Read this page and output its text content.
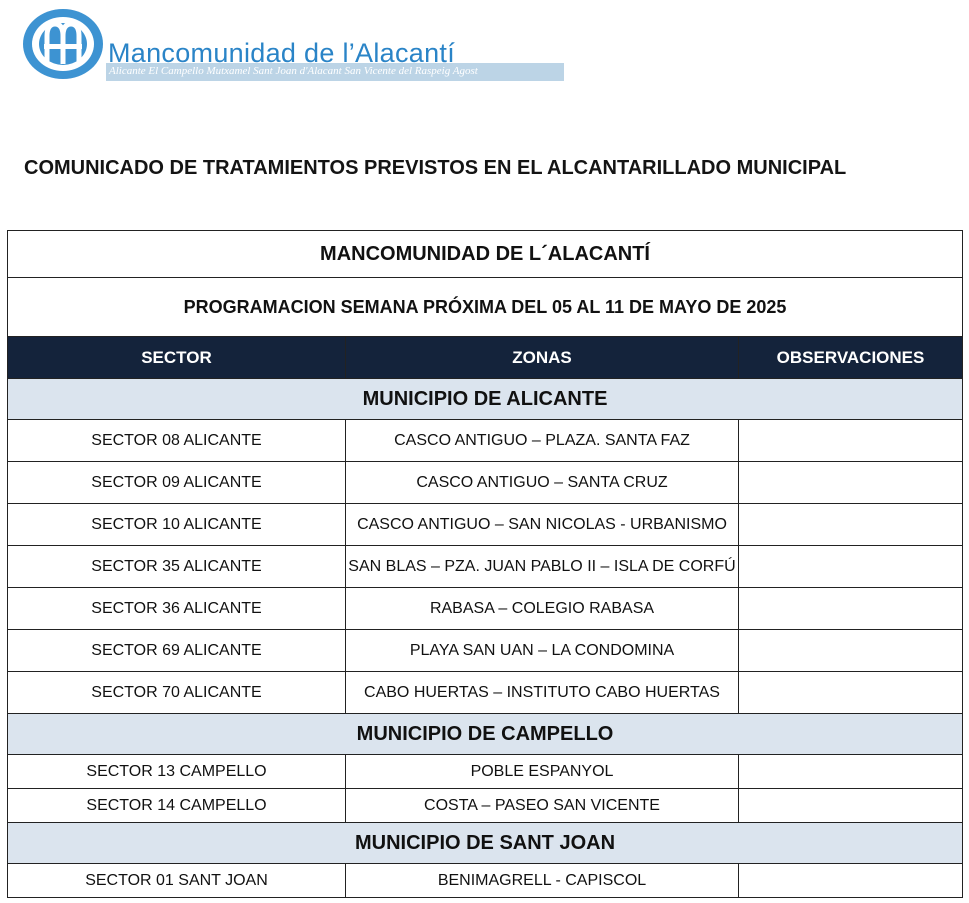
Mancomunidad de l’Alacantí
Alicante El Campello Mutxamel Sant Joan d'Alacant San Vicente del Raspeig Agost
COMUNICADO DE TRATAMIENTOS PREVISTOS EN EL ALCANTARILLADO MUNICIPAL
MANCOMUNIDAD DE L´ALACANTÍ		
PROGRAMACION SEMANA PRÓXIMA DEL 05 AL 11 DE MAYO DE 2025		
SECTOR	ZONAS	OBSERVACIONES
MUNICIPIO DE ALICANTE		
SECTOR 08 ALICANTE	CASCO ANTIGUO – PLAZA. SANTA FAZ	
SECTOR 09 ALICANTE	CASCO ANTIGUO – SANTA CRUZ	
SECTOR 10 ALICANTE	CASCO ANTIGUO – SAN NICOLAS - URBANISMO	
SECTOR 35 ALICANTE	SAN BLAS – PZA. JUAN PABLO II – ISLA DE CORFÚ	
SECTOR 36 ALICANTE	RABASA – COLEGIO RABASA	
SECTOR 69 ALICANTE	PLAYA SAN UAN – LA CONDOMINA	
SECTOR 70 ALICANTE	CABO HUERTAS – INSTITUTO CABO HUERTAS	
MUNICIPIO DE CAMPELLO		
SECTOR 13 CAMPELLO	POBLE ESPANYOL	
SECTOR 14 CAMPELLO	COSTA – PASEO SAN VICENTE	
MUNICIPIO DE SANT JOAN		
SECTOR 01 SANT JOAN	BENIMAGRELL - CAPISCOL	
